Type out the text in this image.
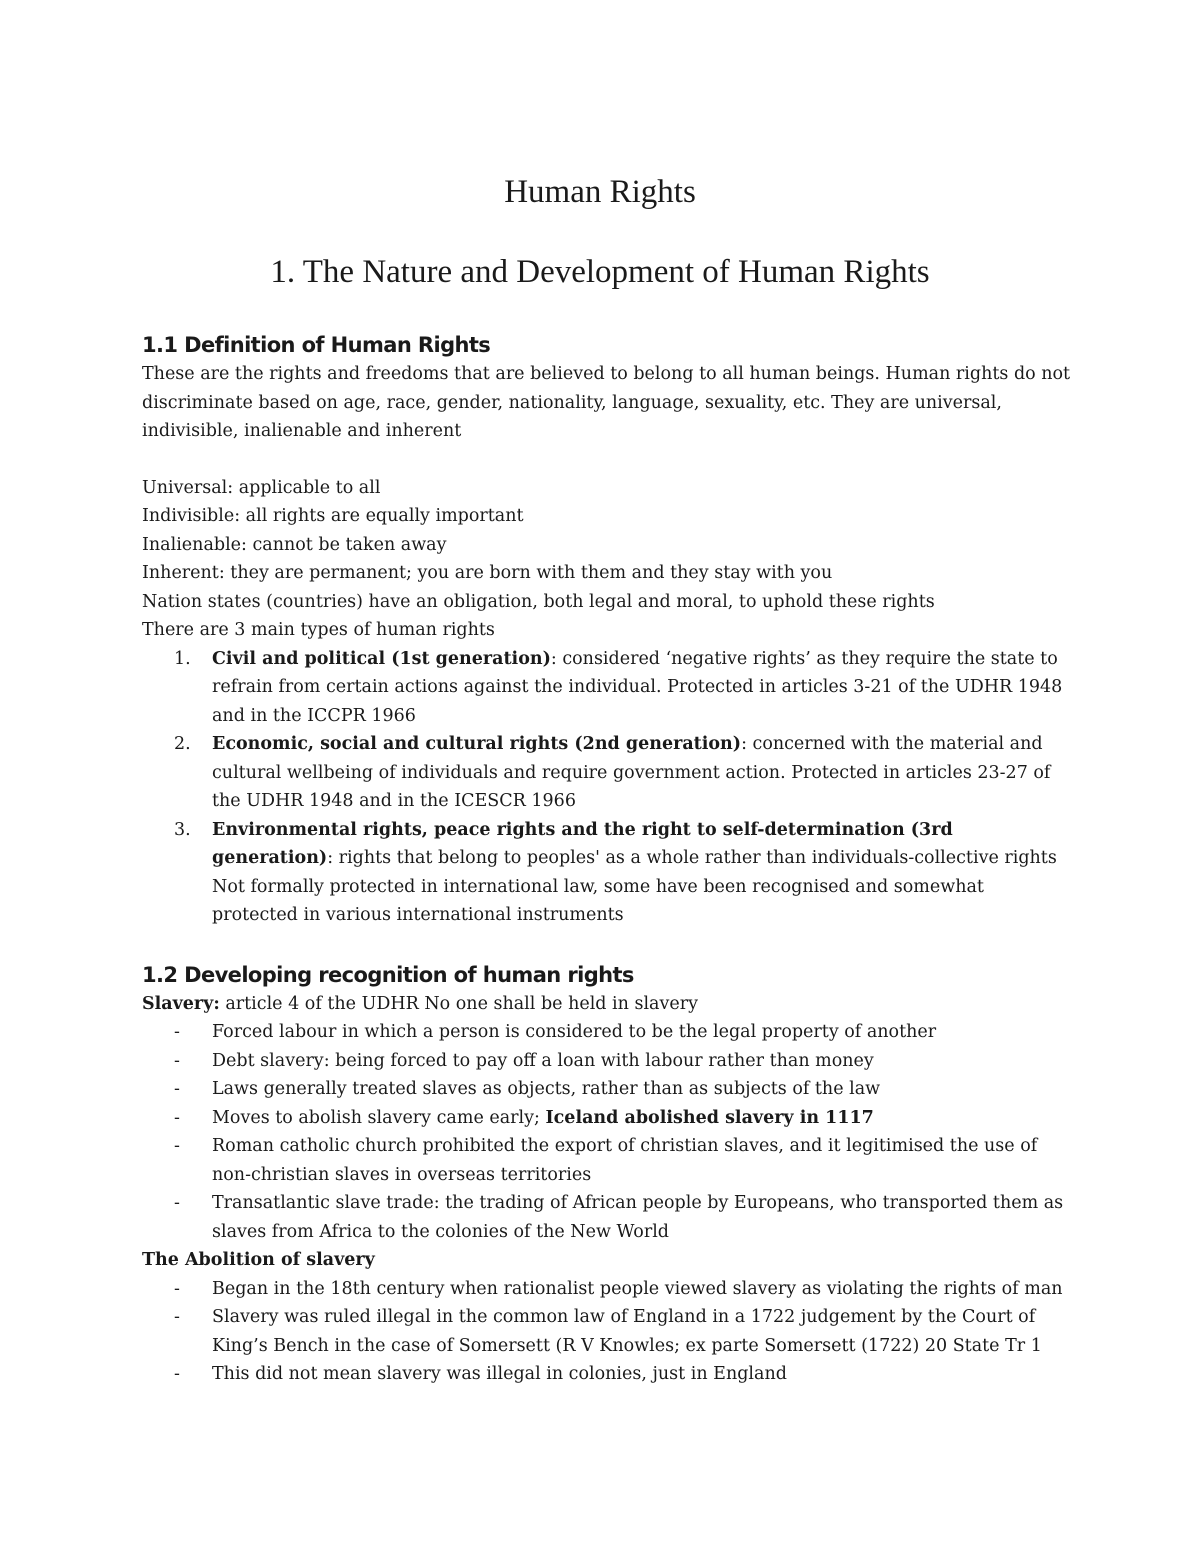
Human Rights
1. The Nature and Development of Human Rights
1.1 Definition of Human Rights

These are the rights and freedoms that are believed to belong to all human beings. Human rights do not discriminate based on age, race, gender, nationality, language, sexuality, etc. They are universal, indivisible, inalienable and inherent

Universal: applicable to all

Indivisible: all rights are equally important

Inalienable: cannot be taken away

Inherent: they are permanent; you are born with them and they stay with you

Nation states (countries) have an obligation, both legal and moral, to uphold these rights

There are 3 main types of human rights

1. Civil and political (1st generation): considered ‘negative rights’ as they require the state to refrain from certain actions against the individual. Protected in articles 3-21 of the UDHR 1948 and in the ICCPR 1966
2. Economic, social and cultural rights (2nd generation): concerned with the material and cultural wellbeing of individuals and require government action. Protected in articles 23-27 of the UDHR 1948 and in the ICESCR 1966
3. Environmental rights, peace rights and the right to self-determination (3rd generation): rights that belong to peoples' as a whole rather than individuals-collective rights Not formally protected in international law, some have been recognised and somewhat protected in various international instruments
1.2 Developing recognition of human rights

Slavery: article 4 of the UDHR No one shall be held in slavery

- Forced labour in which a person is considered to be the legal property of another
- Debt slavery: being forced to pay off a loan with labour rather than money
- Laws generally treated slaves as objects, rather than as subjects of the law
- Moves to abolish slavery came early; Iceland abolished slavery in 1117
- Roman catholic church prohibited the export of christian slaves, and it legitimised the use of non-christian slaves in overseas territories
- Transatlantic slave trade: the trading of African people by Europeans, who transported them as slaves from Africa to the colonies of the New World

The Abolition of slavery

- Began in the 18th century when rationalist people viewed slavery as violating the rights of man
- Slavery was ruled illegal in the common law of England in a 1722 judgement by the Court of King’s Bench in the case of Somersett (R V Knowles; ex parte Somersett (1722) 20 State Tr 1
- This did not mean slavery was illegal in colonies, just in England
